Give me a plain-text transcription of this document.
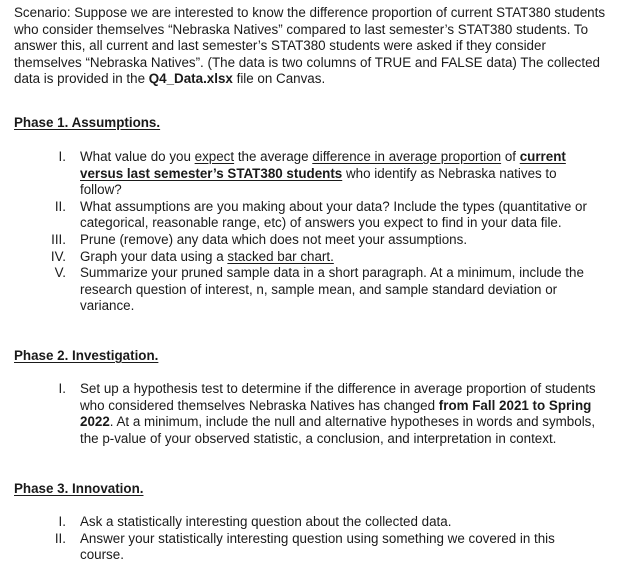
Scenario: Suppose we are interested to know the difference proportion of current STAT380 students who consider themselves “Nebraska Natives” compared to last semester’s STAT380 students. To answer this, all current and last semester’s STAT380 students were asked if they consider themselves “Nebraska Natives”. (The data is two columns of TRUE and FALSE data) The collected data is provided in the Q4_Data.xlsx file on Canvas.

Phase 1. Assumptions.
I. What value do you expect the average difference in average proportion of current versus last semester’s STAT380 students who identify as Nebraska natives to follow?
II. What assumptions are you making about your data? Include the types (quantitative or categorical, reasonable range, etc) of answers you expect to find in your data file.
III. Prune (remove) any data which does not meet your assumptions.
IV. Graph your data using a stacked bar chart.
V. Summarize your pruned sample data in a short paragraph. At a minimum, include the research question of interest, n, sample mean, and sample standard deviation or variance.
Phase 2. Investigation.
I. Set up a hypothesis test to determine if the difference in average proportion of students who considered themselves Nebraska Natives has changed from Fall 2021 to Spring 2022. At a minimum, include the null and alternative hypotheses in words and symbols, the p-value of your observed statistic, a conclusion, and interpretation in context.
Phase 3. Innovation.
I. Ask a statistically interesting question about the collected data.
II. Answer your statistically interesting question using something we covered in this course.
